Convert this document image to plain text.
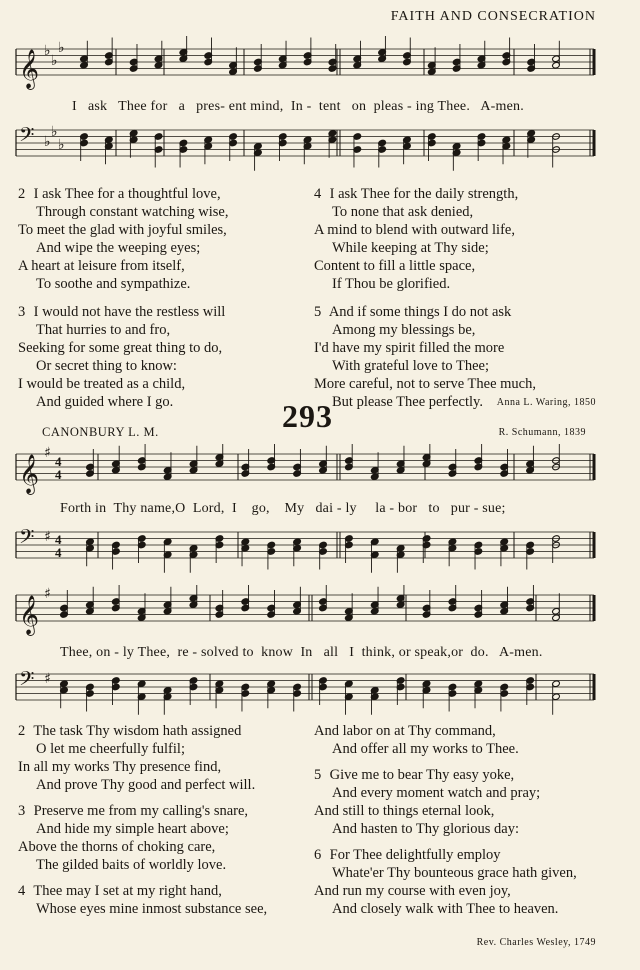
FAITH AND CONSECRATION
𝄞 ♭
♭
♭
I   ask   Thee for   a   pres- ent mind,  In -  tent   on  pleas - ing Thee.   A-men.
𝄢 ♭
♭
♭
2 I ask Thee for a thoughtful love,
Through constant watching wise,
To meet the glad with joyful smiles,
And wipe the weeping eyes;
A heart at leisure from itself,
To soothe and sympathize.
3 I would not have the restless will
That hurries to and fro,
Seeking for some great thing to do,
Or secret thing to know:
I would be treated as a child,
And guided where I go.
4 I ask Thee for the daily strength,
To none that ask denied,
A mind to blend with outward life,
While keeping at Thy side;
Content to fill a little space,
If Thou be glorified.
5 And if some things I do not ask
Among my blessings be,
I'd have my spirit filled the more
With grateful love to Thee;
More careful, not to serve Thee much,
But please Thee perfectly.	Anna L. Waring, 1850
293
CANONBURY L. M.	R. Schumann, 1839
𝄞
♯
4
4
Forth in  Thy name,O  Lord,  I    go,    My   dai - ly     la - bor   to   pur - sue;
𝄢 ♯ 4
4
𝄞
♯
Thee, on - ly Thee,  re - solved to  know  In   all   I  think, or speak,or  do.   A-men.
𝄢 ♯
2 The task Thy wisdom hath assigned
O let me cheerfully fulfil;
In all my works Thy presence find,
And prove Thy good and perfect will.
3 Preserve me from my calling's snare,
And hide my simple heart above;
Above the thorns of choking care,
The gilded baits of worldly love.
4 Thee may I set at my right hand,
Whose eyes mine inmost substance see,
And labor on at Thy command,
And offer all my works to Thee.
5 Give me to bear Thy easy yoke,
And every moment watch and pray;
And still to things eternal look,
And hasten to Thy glorious day:
6 For Thee delightfully employ
Whate'er Thy bounteous grace hath given,
And run my course with even joy,
And closely walk with Thee to heaven.
Rev. Charles Wesley, 1749
